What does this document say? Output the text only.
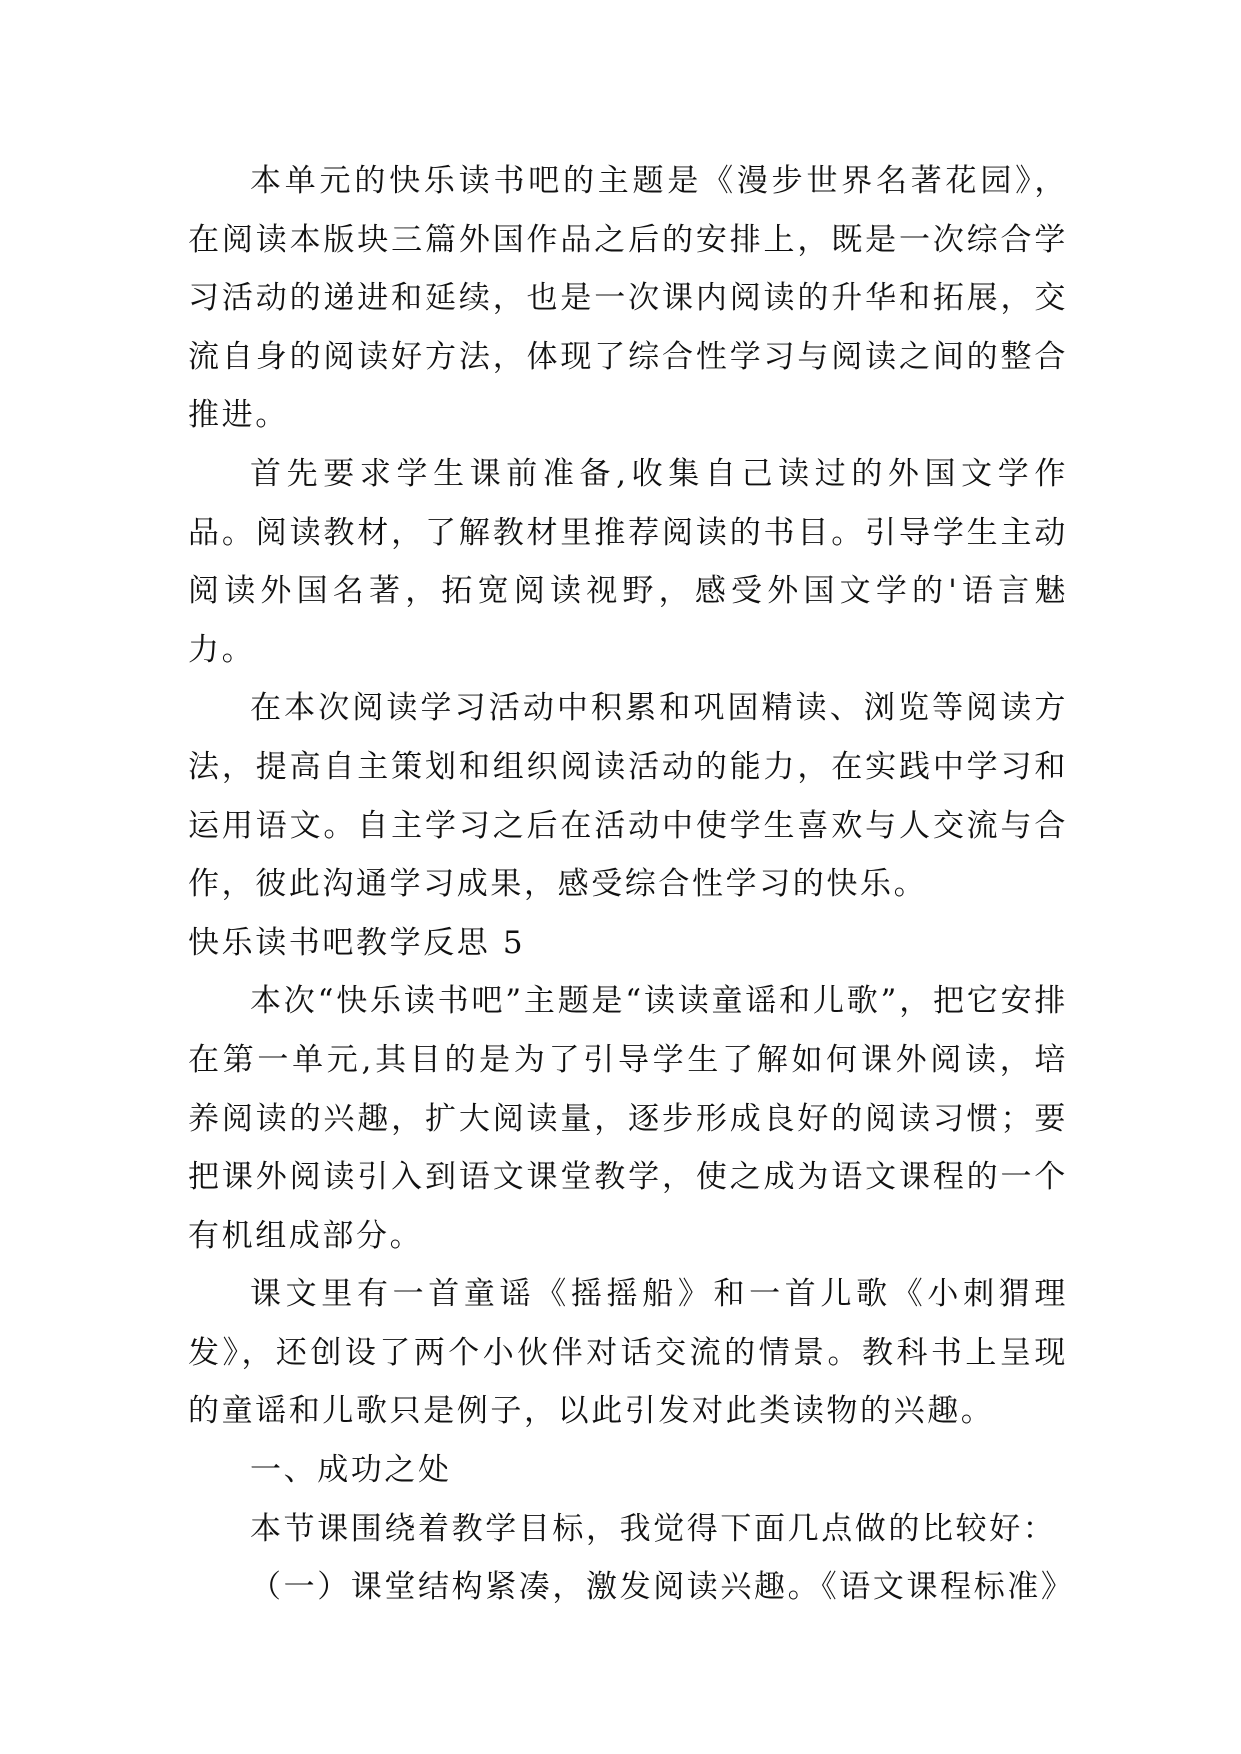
本单元的快乐读书吧的主题是《漫步世界名著花园》，在阅读本版块三篇外国作品之后的安排上，既是一次综合学习活动的递进和延续，也是一次课内阅读的升华和拓展，交流自身的阅读好方法，体现了综合性学习与阅读之间的整合推进。

首先要求学生课前准备,收集自己读过的外国文学作品。阅读教材，了解教材里推荐阅读的书目。引导学生主动阅读外国名著，拓宽阅读视野，感受外国文学的'语言魅力。

在本次阅读学习活动中积累和巩固精读、浏览等阅读方法，提高自主策划和组织阅读活动的能力，在实践中学习和运用语文。自主学习之后在活动中使学生喜欢与人交流与合作，彼此沟通学习成果，感受综合性学习的快乐。

快乐读书吧教学反思 5

本次“快乐读书吧”主题是“读读童谣和儿歌”，把它安排在第一单元,其目的是为了引导学生了解如何课外阅读，培养阅读的兴趣，扩大阅读量，逐步形成良好的阅读习惯；要把课外阅读引入到语文课堂教学，使之成为语文课程的一个有机组成部分。

课文里有一首童谣《摇摇船》和一首儿歌《小刺猬理发》，还创设了两个小伙伴对话交流的情景。教科书上呈现的童谣和儿歌只是例子，以此引发对此类读物的兴趣。

一、成功之处

本节课围绕着教学目标，我觉得下面几点做的比较好：

（一）课堂结构紧凑，激发阅读兴趣。《语文课程标准》
